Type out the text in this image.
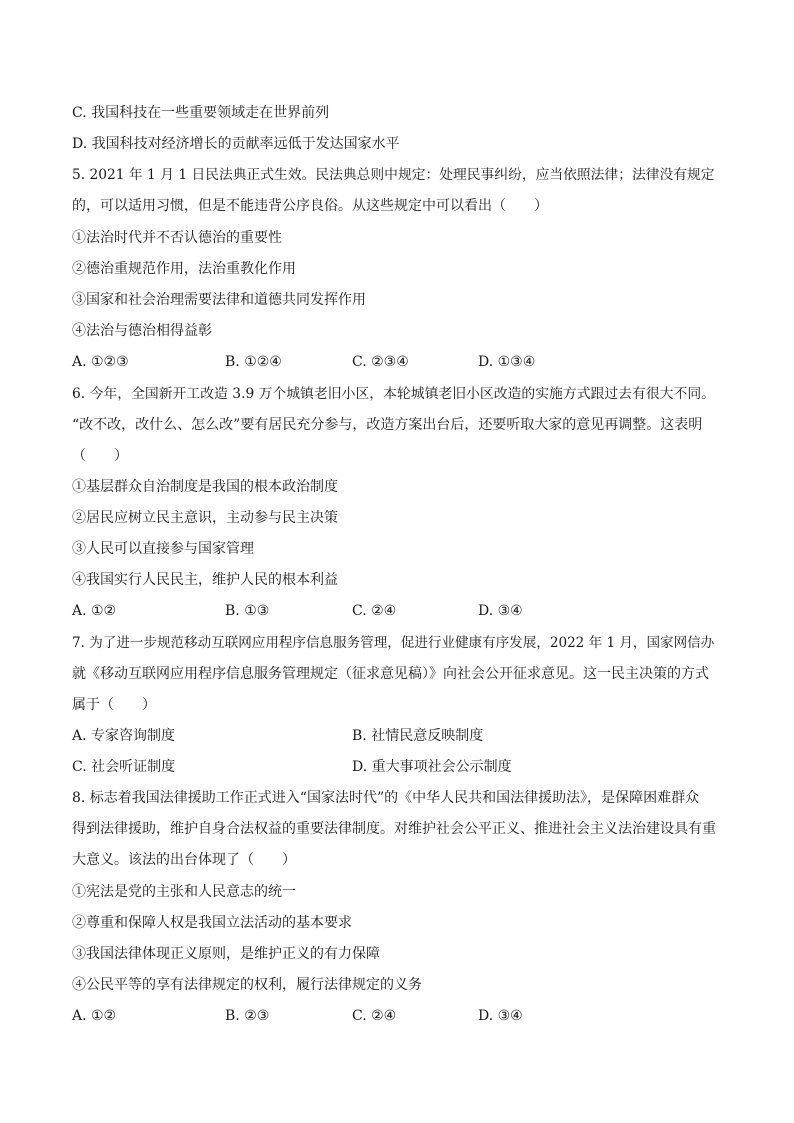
C. 我国科技在一些重要领域走在世界前列
D. 我国科技对经济增长的贡献率远低于发达国家水平
5. 2021 年 1 月 1 日民法典正式生效。民法典总则中规定：处理民事纠纷，应当依照法律；法律没有规定
的，可以适用习惯，但是不能违背公序良俗。从这些规定中可以看出（　　）
①法治时代并不否认德治的重要性
②德治重规范作用，法治重教化作用
③国家和社会治理需要法律和道德共同发挥作用
④法治与德治相得益彰
A. ①②③	B. ①②④	C. ②③④	D. ①③④
6. 今年，全国新开工改造 3.9 万个城镇老旧小区，本轮城镇老旧小区改造的实施方式跟过去有很大不同。
“改不改，改什么、怎么改”要有居民充分参与，改造方案出台后，还要听取大家的意见再调整。这表明
（　　）
①基层群众自治制度是我国的根本政治制度
②居民应树立民主意识，主动参与民主决策
③人民可以直接参与国家管理
④我国实行人民民主，维护人民的根本利益
A. ①②	B. ①③	C. ②④	D. ③④
7. 为了进一步规范移动互联网应用程序信息服务管理，促进行业健康有序发展，2022 年 1 月，国家网信办
就《移动互联网应用程序信息服务管理规定（征求意见稿）》向社会公开征求意见。这一民主决策的方式
属于（　　）
A. 专家咨询制度	B. 社情民意反映制度
C. 社会听证制度	D. 重大事项社会公示制度
8. 标志着我国法律援助工作正式进入“国家法时代”的《中华人民共和国法律援助法》，是保障困难群众
得到法律援助，维护自身合法权益的重要法律制度。对维护社会公平正义、推进社会主义法治建设具有重
大意义。该法的出台体现了（　　）
①宪法是党的主张和人民意志的统一
②尊重和保障人权是我国立法活动的基本要求
③我国法律体现正义原则，是维护正义的有力保障
④公民平等的享有法律规定的权利，履行法律规定的义务
A. ①②	B. ②③	C. ②④	D. ③④
